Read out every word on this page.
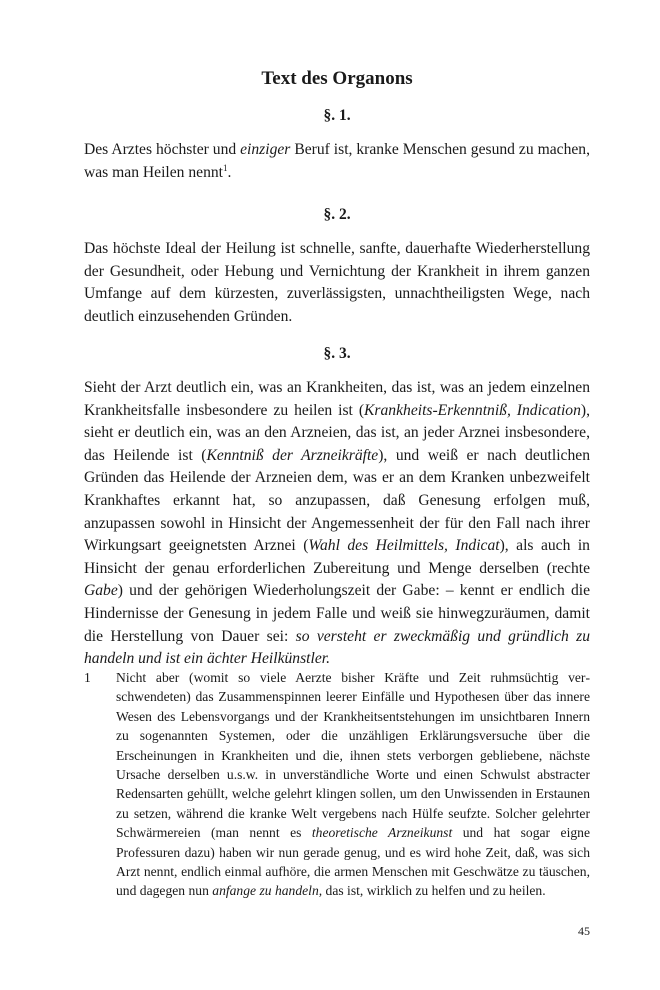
Text des Organons
§. 1.
Des Arztes höchster und einziger Beruf ist, kranke Menschen gesund zu machen, was man Heilen nennt$^1$.
§. 2.
Das höchste Ideal der Heilung ist schnelle, sanfte, dauerhafte Wiederherstellung der Gesundheit, oder Hebung und Vernichtung der Krankheit in ihrem ganzen Umfange auf dem kürzesten, zuverlässigsten, unnachtheiligsten Wege, nach deutlich einzusehenden Gründen.
§. 3.
Sieht der Arzt deutlich ein, was an Krankheiten, das ist, was an jedem einzelnen Krankheitsfalle insbesondere zu heilen ist (Krankheits-Erkenntniß, Indication), sieht er deutlich ein, was an den Arzneien, das ist, an jeder Arznei insbesondere, das Heilende ist (Kenntniß der Arzneikräfte), und weiß er nach deutlichen Gründen das Heilende der Arzneien dem, was er an dem Kranken unbezweifelt Krankhaftes erkannt hat, so anzupassen, daß Genesung erfolgen muß, anzupassen sowohl in Hinsicht der Angemessenheit der für den Fall nach ihrer Wirkungsart geeignetsten Arznei (Wahl des Heilmittels, Indicat), als auch in Hinsicht der genau erforderlichen Zubereitung und Menge derselben (rechte Gabe) und der gehörigen Wiederholungszeit der Gabe: – kennt er endlich die Hindernisse der Genesung in jedem Falle und weiß sie hinwegzuräumen, damit die Herstellung von Dauer sei: so versteht er zweckmäßig und gründlich zu handeln und ist ein ächter Heilkünstler.
1 Nicht aber (womit so viele Aerzte bisher Kräfte und Zeit ruhmsüchtig verschwendeten) das Zusammenspinnen leerer Einfälle und Hypothesen über das innere Wesen des Lebensvorgangs und der Krankheitsentstehungen im unsichtbaren Innern zu sogenannten Systemen, oder die unzähligen Erklärungsversuche über die Erscheinungen in Krankheiten und die, ihnen stets verborgen gebliebene, nächste Ursache derselben u.s.w. in unverständliche Worte und einen Schwulst abstracter Redensarten gehüllt, welche gelehrt klingen sollen, um den Unwissenden in Erstaunen zu setzen, während die kranke Welt vergebens nach Hülfe seufzte. Solcher gelehrter Schwärmereien (man nennt es theoretische Arzneikunst und hat sogar eigne Professuren dazu) haben wir nun gerade genug, und es wird hohe Zeit, daß, was sich Arzt nennt, endlich einmal aufhöre, die armen Menschen mit Geschwätze zu täuschen, und dagegen nun anfange zu handeln, das ist, wirklich zu helfen und zu heilen.
45
